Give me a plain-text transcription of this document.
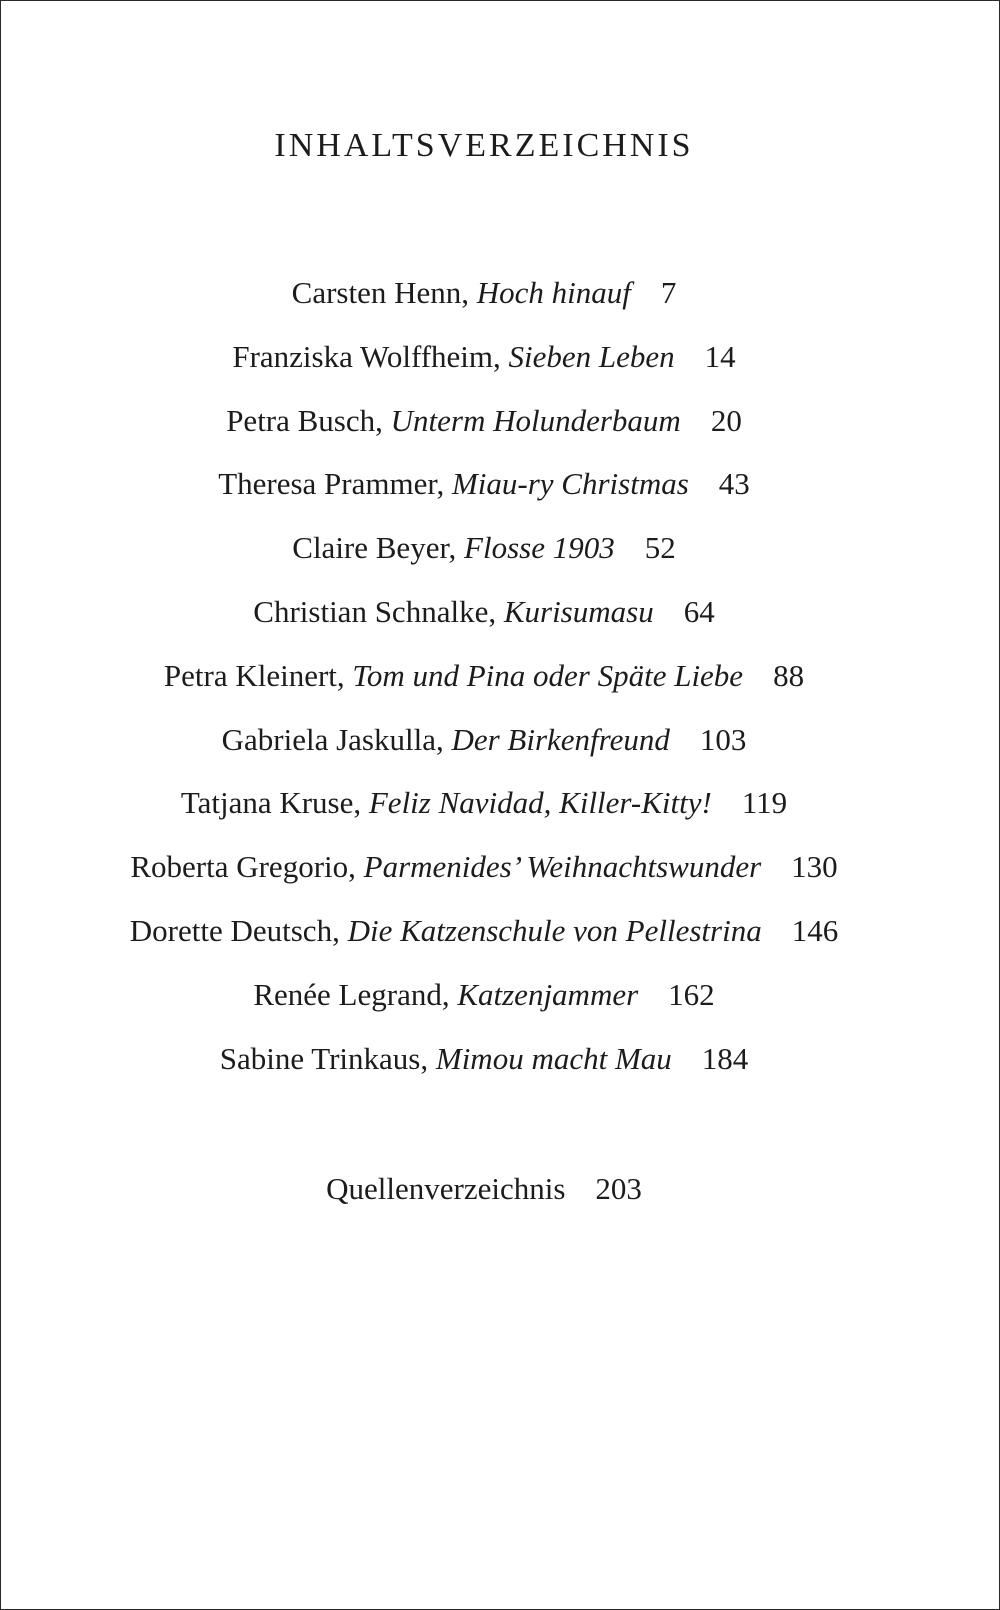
INHALTSVERZEICHNIS
Carsten Henn, Hoch hinauf 7
Franziska Wolffheim, Sieben Leben 14
Petra Busch, Unterm Holunderbaum 20
Theresa Prammer, Miau-ry Christmas 43
Claire Beyer, Flosse 1903 52
Christian Schnalke, Kurisumasu 64
Petra Kleinert, Tom und Pina oder Späte Liebe 88
Gabriela Jaskulla, Der Birkenfreund 103
Tatjana Kruse, Feliz Navidad, Killer-Kitty! 119
Roberta Gregorio, Parmenides’ Weihnachtswunder 130
Dorette Deutsch, Die Katzenschule von Pellestrina 146
Renée Legrand, Katzenjammer 162
Sabine Trinkaus, Mimou macht Mau 184
Quellenverzeichnis 203
